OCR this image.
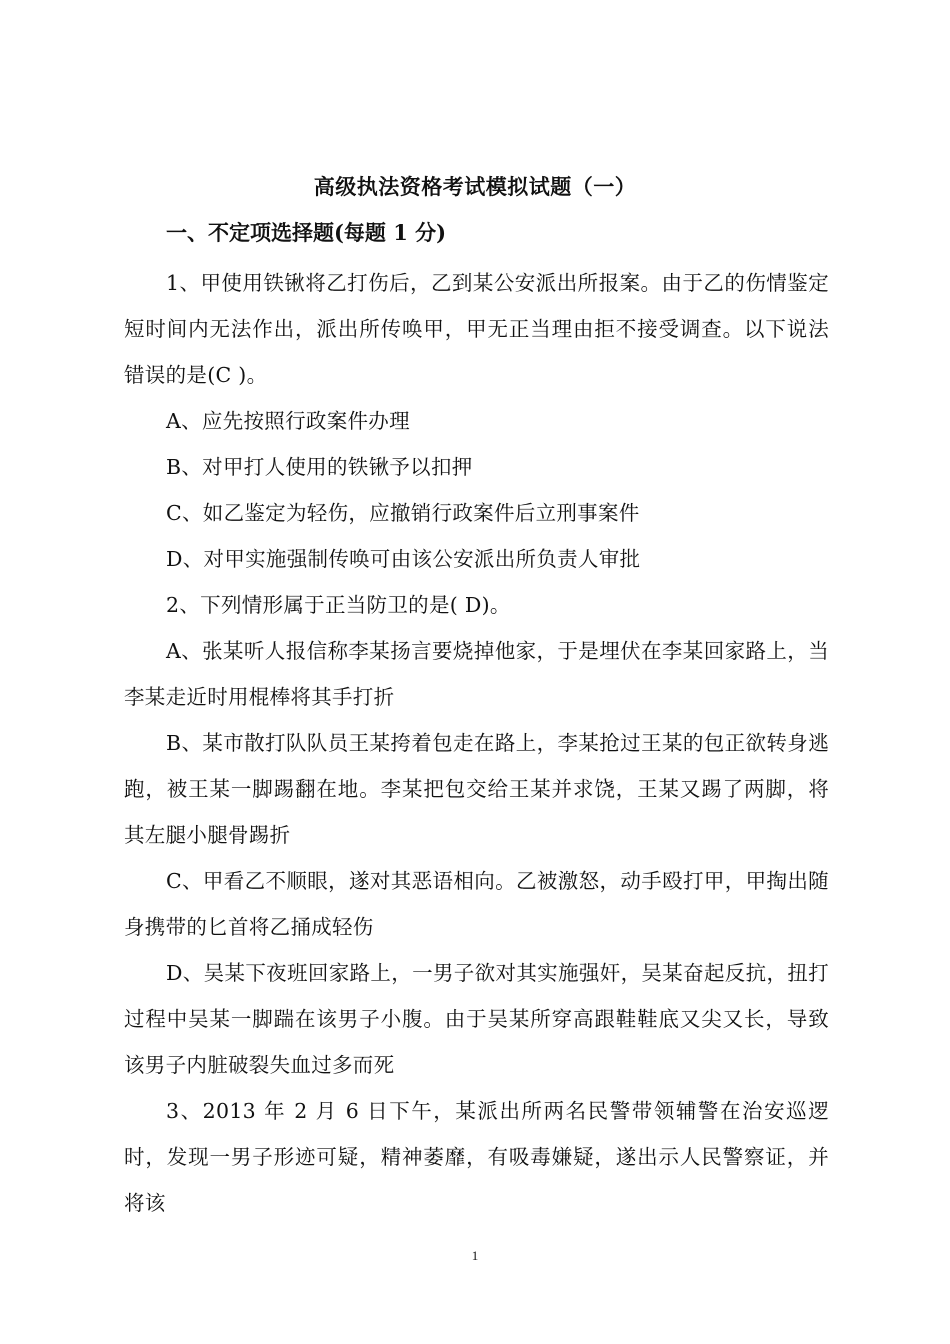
高级执法资格考试模拟试题（一）
一、不定项选择题(每题 1 分)

1、甲使用铁锹将乙打伤后，乙到某公安派出所报案。由于乙的伤情鉴定短时间内无法作出，派出所传唤甲，甲无正当理由拒不接受调查。以下说法错误的是(C )。

A、应先按照行政案件办理

B、对甲打人使用的铁锹予以扣押

C、如乙鉴定为轻伤，应撤销行政案件后立刑事案件

D、对甲实施强制传唤可由该公安派出所负责人审批

2、下列情形属于正当防卫的是( D)。

A、张某听人报信称李某扬言要烧掉他家，于是埋伏在李某回家路上，当李某走近时用棍棒将其手打折

B、某市散打队队员王某挎着包走在路上，李某抢过王某的包正欲转身逃跑，被王某一脚踢翻在地。李某把包交给王某并求饶，王某又踢了两脚，将其左腿小腿骨踢折

C、甲看乙不顺眼，遂对其恶语相向。乙被激怒，动手殴打甲，甲掏出随身携带的匕首将乙捅成轻伤

D、吴某下夜班回家路上，一男子欲对其实施强奸，吴某奋起反抗，扭打过程中吴某一脚踹在该男子小腹。由于吴某所穿高跟鞋鞋底又尖又长，导致该男子内脏破裂失血过多而死

3、2013 年 2 月 6 日下午，某派出所两名民警带领辅警在治安巡逻时，发现一男子形迹可疑，精神萎靡，有吸毒嫌疑，遂出示人民警察证，并将该

1
